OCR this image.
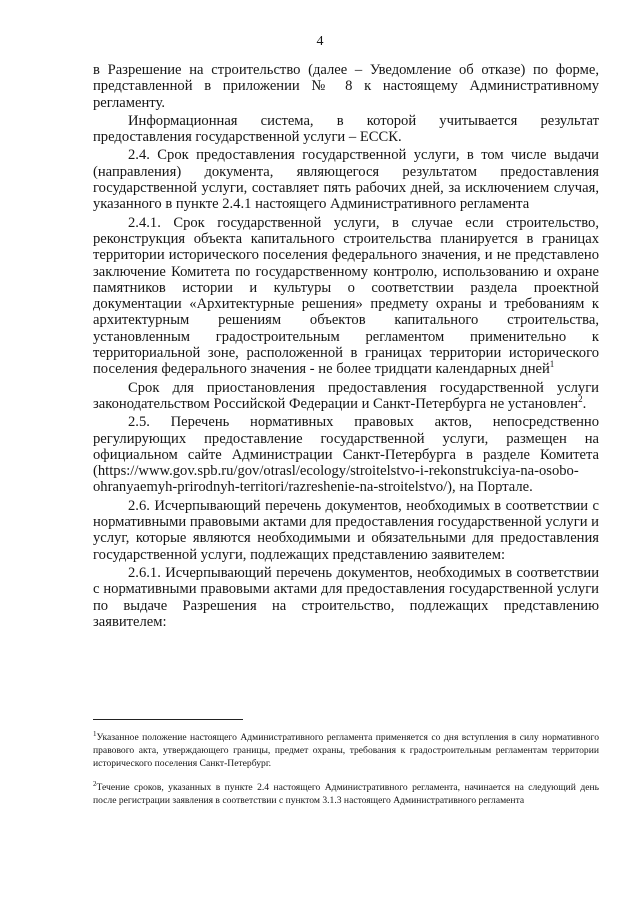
4

в Разрешение на строительство (далее – Уведомление об отказе) по форме, представленной в приложении № 8 к настоящему Административному регламенту.

Информационная система, в которой учитывается результат предоставления государственной услуги – ЕССК.

2.4. Срок предоставления государственной услуги, в том числе выдачи (направления) документа, являющегося результатом предоставления государственной услуги, составляет пять рабочих дней, за исключением случая, указанного в пункте 2.4.1 настоящего Административного регламента

2.4.1. Срок государственной услуги, в случае если строительство, реконструкция объекта капитального строительства планируется в границах территории исторического поселения федерального значения, и не представлено заключение Комитета по государственному контролю, использованию и охране памятников истории и культуры о соответствии раздела проектной документации «Архитектурные решения» предмету охраны и требованиям к архитектурным решениям объектов капитального строительства, установленным градостроительным регламентом применительно к территориальной зоне, расположенной в границах территории исторического поселения федерального значения - не более тридцати календарных дней$^1$

Срок для приостановления предоставления государственной услуги законодательством Российской Федерации и Санкт-Петербурга не установлен$^2$.

2.5. Перечень нормативных правовых актов, непосредственно регулирующих предоставление государственной услуги, размещен на официальном сайте Администрации Санкт-Петербурга в разделе Комитета (https://www.gov.spb.ru/gov/otrasl/ecology/stroitelstvo-i-rekonstrukciya-na-osobo-ohranyaemyh-prirodnyh-territori/razreshenie-na-stroitelstvo/), на Портале.

2.6. Исчерпывающий перечень документов, необходимых в соответствии с нормативными правовыми актами для предоставления государственной услуги и услуг, которые являются необходимыми и обязательными для предоставления государственной услуги, подлежащих представлению заявителем:

2.6.1. Исчерпывающий перечень документов, необходимых в соответствии с нормативными правовыми актами для предоставления государственной услуги по выдаче Разрешения на строительство, подлежащих представлению заявителем:

$^1$Указанное положение настоящего Административного регламента применяется со дня вступления в силу нормативного правового акта, утверждающего границы, предмет охраны, требования к градостроительным регламентам территории исторического поселения Санкт-Петербург.

$^2$Течение сроков, указанных в пункте 2.4 настоящего Административного регламента, начинается на следующий день после регистрации заявления в соответствии с пунктом 3.1.3 настоящего Административного регламента
